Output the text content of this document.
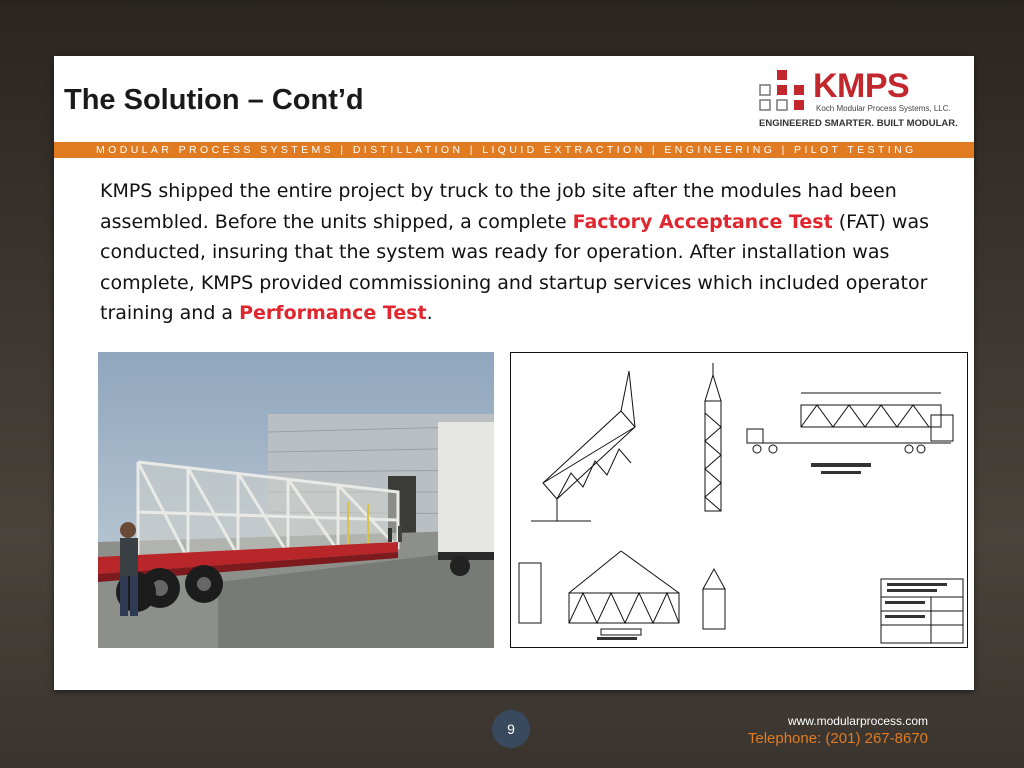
The Solution – Cont’d	KMPS
Koch Modular Process Systems, LLC.
ENGINEERED SMARTER. BUILT MODULAR.
MODULAR PROCESS SYSTEMS | DISTILLATION | LIQUID EXTRACTION | ENGINEERING | PILOT TESTING

KMPS shipped the entire project by truck to the job site after the modules had been assembled. Before the units shipped, a complete Factory Acceptance Test (FAT) was conducted, insuring that the system was ready for operation. After installation was complete, KMPS provided commissioning and startup services which included operator training and a Performance Test.

9	www.modularprocess.com
Telephone: (201) 267-8670
